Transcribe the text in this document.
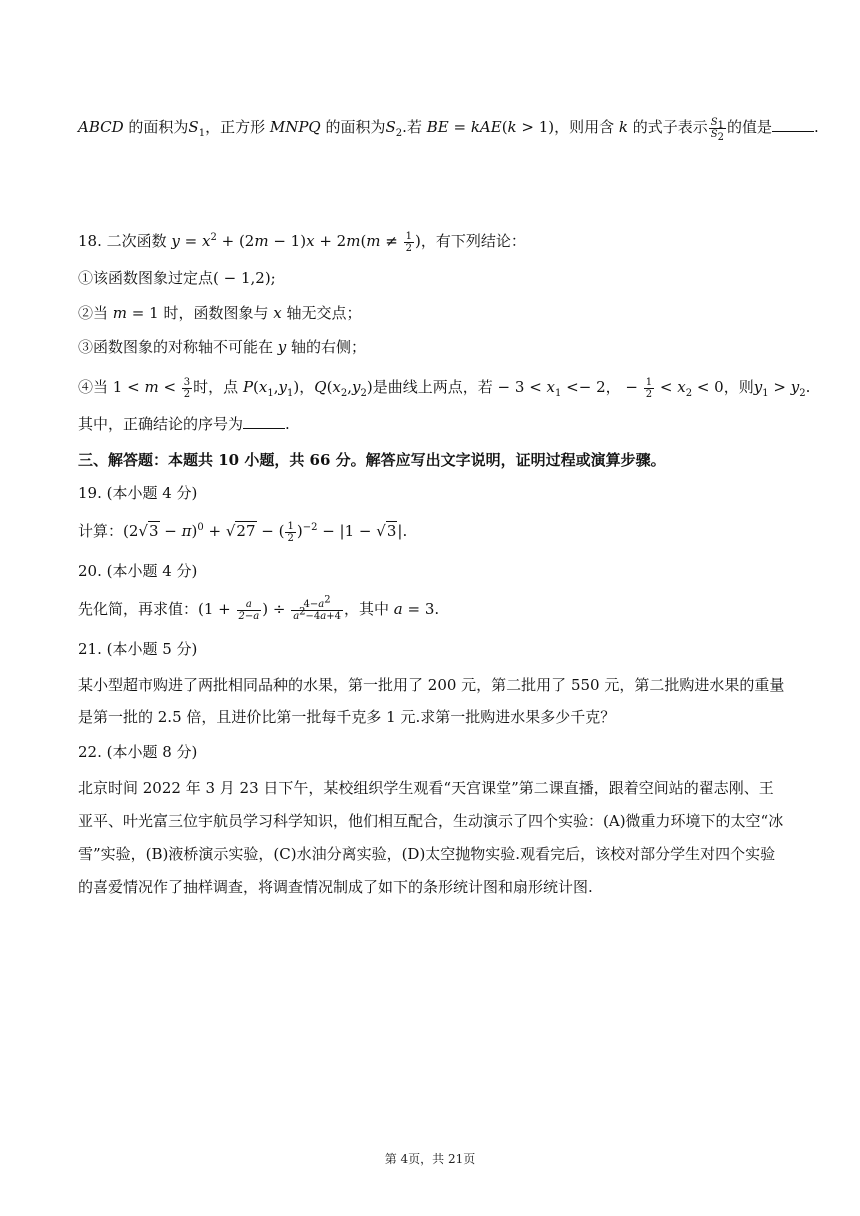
ABCD 的面积为$S_1$，正方形 MNPQ 的面积为$S_2$.若 BE = kAE(k > 1)，则用含 k 的式子表示 $\frac{S_1}{S_2}$ 的值是	.
18. 二次函数 $y = x^2 + (2m - 1)x + 2m(m \ne \frac{1}{2}$ )，有下列结论：
①该函数图象过定点( − 1,2);
②当 m = 1 时，函数图象与 x 轴无交点；
③函数图象的对称轴不可能在 y 轴的右侧；
④当 $1 < m < \frac{3}{2}$ 时，点 $P(x_1,y_1)$，$Q(x_2,y_2)$是曲线上两点，若 − $3 < x_1 <- 2$， − $\frac{1}{2} < x_2 < 0$，则$y_1 > y_2$.
其中，正确结论的序号为	.
三、解答题：本题共 10 小题，共 66 分。解答应写出文字说明，证明过程或演算步骤。
19. (本小题 4 分)
计算：$(2√3 - \pi)^0 + √27$ − ( $\frac{1}{2} )^{-2} - |1 - √3|$.
20. (本小题 4 分)
先化简，再求值：($1 + \frac{a}{2-a}$ ) ÷ $\frac{4-a^2}{a^2-4a+4}$ ，其中 a = 3.
21. (本小题 5 分)
某小型超市购进了两批相同品种的水果，第一批用了 200 元，第二批用了 550 元，第二批购进水果的重量
是第一批的 2.5 倍，且进价比第一批每千克多 1 元.求第一批购进水果多少千克？
22. (本小题 8 分)
北京时间 2022 年 3 月 23 日下午，某校组织学生观看“天宫课堂”第二课直播，跟着空间站的翟志刚、王
亚平、叶光富三位宇航员学习科学知识，他们相互配合，生动演示了四个实验：(A)微重力环境下的太空“冰
雪”实验，(B)液桥演示实验，(C)水油分离实验，(D)太空抛物实验.观看完后，该校对部分学生对四个实验
的喜爱情况作了抽样调查，将调查情况制成了如下的条形统计图和扇形统计图.
第 4页，共 21页
